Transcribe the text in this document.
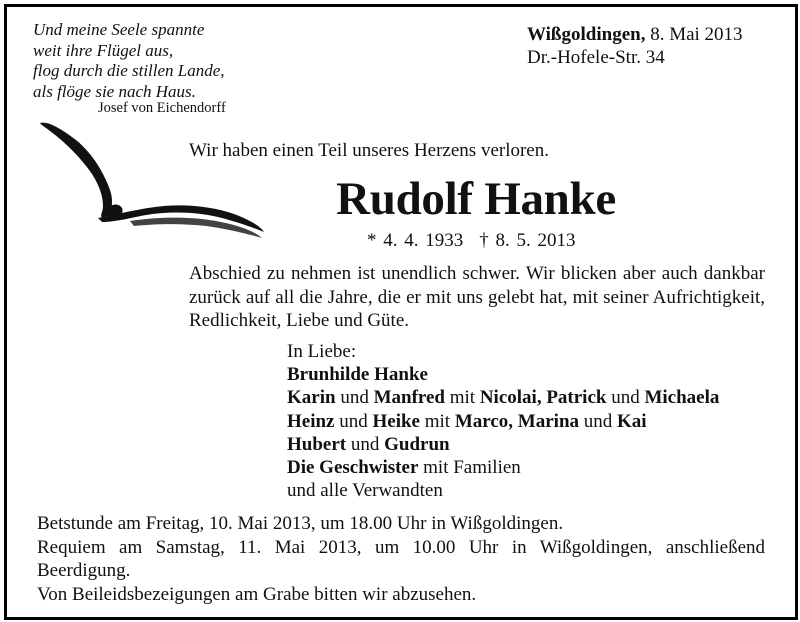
Und meine Seele spannte
weit ihre Flügel aus,
flog durch die stillen Lande,
als flöge sie nach Haus.
Josef von Eichendorff
Wißgoldingen, 8. Mai 2013
Dr.-Hofele-Str. 34
Wir haben einen Teil unseres Herzens verloren.
Rudolf Hanke
* 4. 4. 1933 † 8. 5. 2013
Abschied zu nehmen ist unendlich schwer. Wir blicken aber auch dankbar zurück auf all die Jahre, die er mit uns gelebt hat, mit seiner Aufrichtigkeit, Redlichkeit, Liebe und Güte.
In Liebe:
Brunhilde Hanke
Karin und Manfred mit Nicolai, Patrick und Michaela
Heinz und Heike mit Marco, Marina und Kai
Hubert und Gudrun
Die Geschwister mit Familien
und alle Verwandten
Betstunde am Freitag, 10. Mai 2013, um 18.00 Uhr in Wißgoldingen.
Requiem am Samstag, 11. Mai 2013, um 10.00 Uhr in Wißgoldingen, anschließend
Beerdigung.
Von Beileidsbezeigungen am Grabe bitten wir abzusehen.
